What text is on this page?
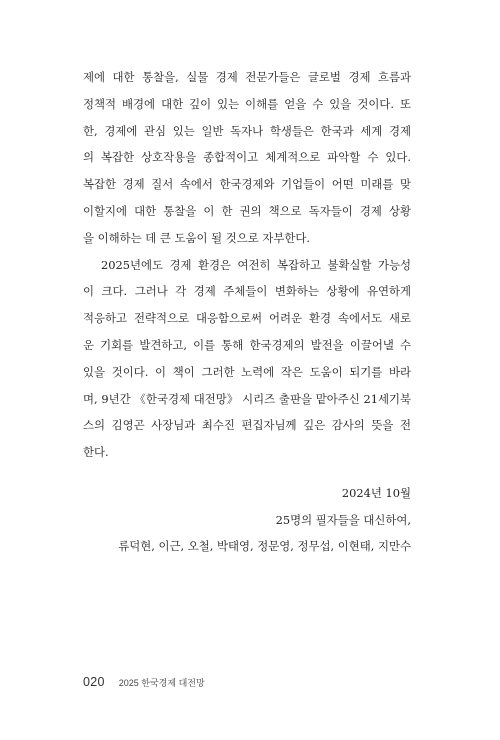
제에 대한 통찰을, 실물 경제 전문가들은 글로벌 경제 흐름과
정책적 배경에 대한 깊이 있는 이해를 얻을 수 있을 것이다. 또
한, 경제에 관심 있는 일반 독자나 학생들은 한국과 세계 경제
의 복잡한 상호작용을 종합적이고 체계적으로 파악할 수 있다.
복잡한 경제 질서 속에서 한국경제와 기업들이 어떤 미래를 맞
이할지에 대한 통찰을 이 한 권의 책으로 독자들이 경제 상황
을 이해하는 데 큰 도움이 될 것으로 자부한다.
2025년에도 경제 환경은 여전히 복잡하고 불확실할 가능성
이 크다. 그러나 각 경제 주체들이 변화하는 상황에 유연하게
적응하고 전략적으로 대응함으로써 어려운 환경 속에서도 새로
운 기회를 발견하고, 이를 통해 한국경제의 발전을 이끌어낼 수
있을 것이다. 이 책이 그러한 노력에 작은 도움이 되기를 바라
며, 9년간 《한국경제 대전망》 시리즈 출판을 맡아주신 21세기북
스의 김영곤 사장님과 최수진 편집자님께 깊은 감사의 뜻을 전
한다.
2024년 10월
25명의 필자들을 대신하여,
류덕현, 이근, 오철, 박태영, 정문영, 정무섭, 이현태, 지만수
020 2025 한국경제 대전망
